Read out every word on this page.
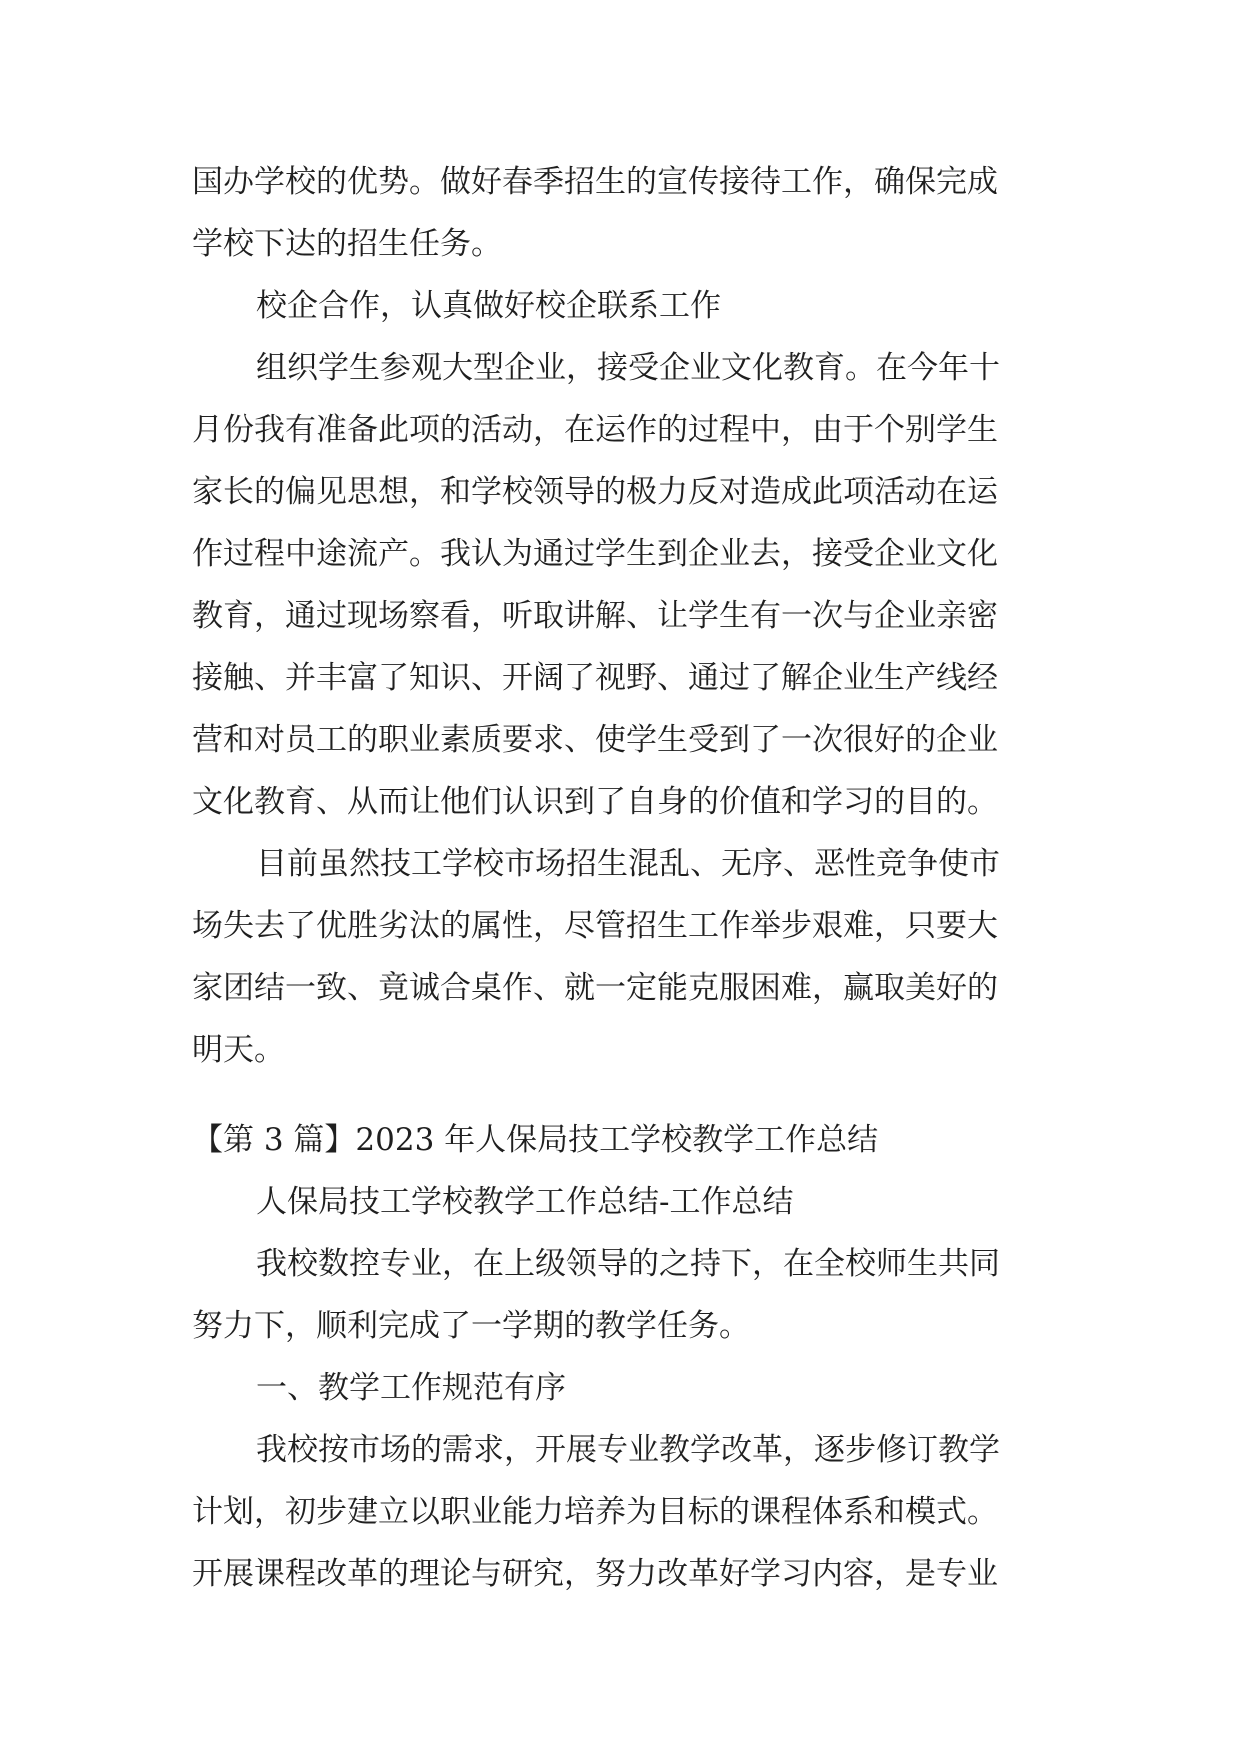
国办学校的优势。做好春季招生的宣传接待工作，确保完成
学校下达的招生任务。
校企合作，认真做好校企联系工作
组织学生参观大型企业，接受企业文化教育。在今年十
月份我有准备此项的活动，在运作的过程中，由于个别学生
家长的偏见思想，和学校领导的极力反对造成此项活动在运
作过程中途流产。我认为通过学生到企业去，接受企业文化
教育，通过现场察看，听取讲解、让学生有一次与企业亲密
接触、并丰富了知识、开阔了视野、通过了解企业生产线经
营和对员工的职业素质要求、使学生受到了一次很好的企业
文化教育、从而让他们认识到了自身的价值和学习的目的。
目前虽然技工学校市场招生混乱、无序、恶性竞争使市
场失去了优胜劣汰的属性，尽管招生工作举步艰难，只要大
家团结一致、竟诚合桌作、就一定能克服困难，赢取美好的
明天。
【第 3 篇】2023 年人保局技工学校教学工作总结
人保局技工学校教学工作总结-工作总结
我校数控专业，在上级领导的之持下，在全校师生共同
努力下，顺利完成了一学期的教学任务。
一、教学工作规范有序
我校按市场的需求，开展专业教学改革，逐步修订教学
计划，初步建立以职业能力培养为目标的课程体系和模式。
开展课程改革的理论与研究，努力改革好学习内容，是专业
